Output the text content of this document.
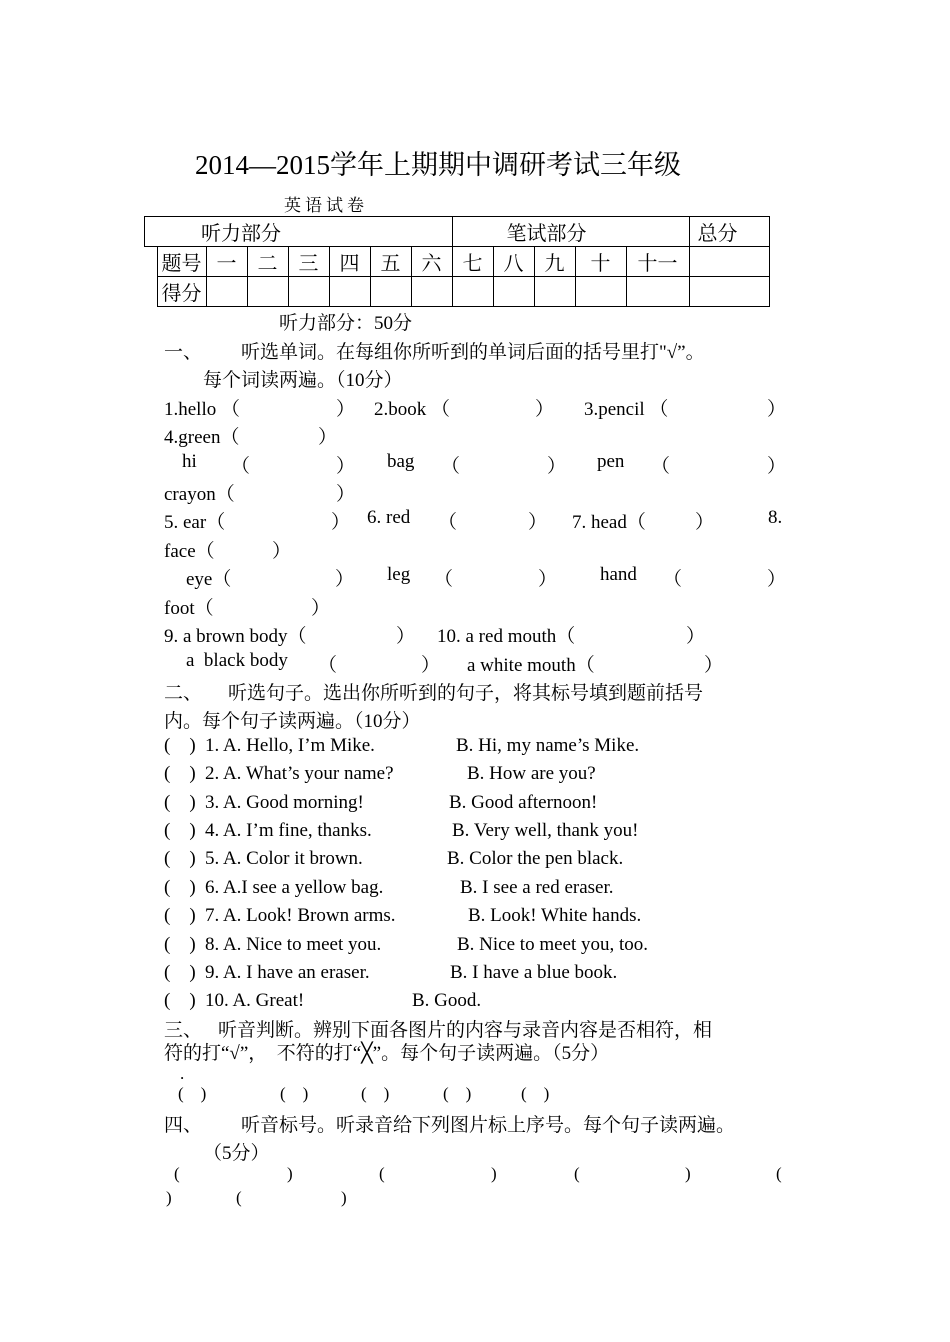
2014—2015学年上期期中调研考试三年级
英语试卷
听力部分								笔试部分					总分
	题号	一	二	三	四	五	六	七	八	九	十	十一	
	得分												
听力部分：50分
一、 听选单词。在每组你所听到的单词后面的括号里打"√”。
每个词读两遍。（10分）
1.hello （	） 2.book （	） 3.pencil （	）
4.green（	）
hi （	） bag （	） pen （	）
crayon（	）
5. ear（	） 6. red （	） 7. head（	）	8.
face（	）
eye（	） leg （	） hand （	）
foot（	）
9. a brown body（	） 10. a red mouth（	）
a  black body （	） a white mouth（	）
二、 听选句子。选出你所听到的句子，将其标号填到题前括号
内。每个句子读两遍。（10分）
(    ) 1. A. Hello, I’m Mike.	B. Hi, my name’s Mike.
(    ) 2. A. What’s your name?	B. How are you?
(    ) 3. A. Good morning!	B. Good afternoon!
(    ) 4. A. I’m fine, thanks.	B. Very well, thank you!
(    ) 5. A. Color it brown.	B. Color the pen black.
(    ) 6. A.I see a yellow bag.	B. I see a red eraser.
(    ) 7. A. Look! Brown arms.	B. Look! White hands.
(    ) 8. A. Nice to meet you.	B. Nice to meet you, too.
(    ) 9. A. I have an eraser.	B. I have a blue book.
(    ) 10. A. Great!	B. Good.
三、 听音判断。辨别下面各图片的内容与录音内容是否相符，相
符的打“√”，  不符的打“╳”。每个句子读两遍。（5分）
.
(    )	(    )	(    )	(    )	(    )
四、 听音标号。听录音给下列图片标上序号。每个句子读两遍。
（5分）
(	)	(	)	(	)	(
)	(	)
